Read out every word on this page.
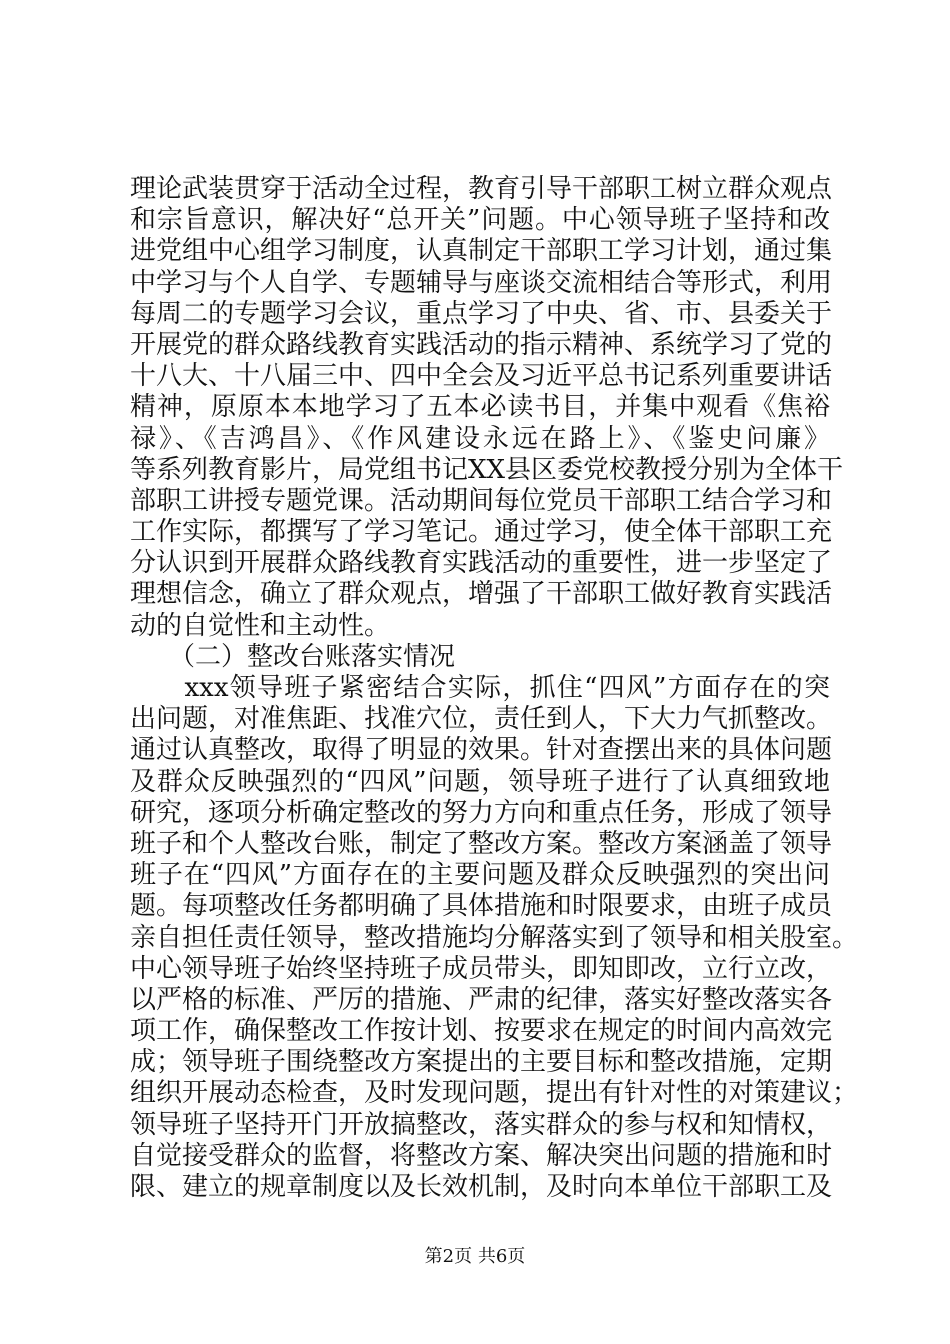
理论武装贯穿于活动全过程，教育引导干部职工树立群众观点
和宗旨意识，解决好“总开关”问题。中心领导班子坚持和改
进党组中心组学习制度，认真制定干部职工学习计划，通过集
中学习与个人自学、专题辅导与座谈交流相结合等形式，利用
每周二的专题学习会议，重点学习了中央、省、市、县委关于
开展党的群众路线教育实践活动的指示精神、系统学习了党的
十八大、十八届三中、四中全会及习近平总书记系列重要讲话
精神，原原本本地学习了五本必读书目，并集中观看《焦裕
禄》、《吉鸿昌》、《作风建设永远在路上》、《鉴史问廉》
等系列教育影片，局党组书记XX县区委党校教授分别为全体干
部职工讲授专题党课。活动期间每位党员干部职工结合学习和
工作实际，都撰写了学习笔记。通过学习，使全体干部职工充
分认识到开展群众路线教育实践活动的重要性，进一步坚定了
理想信念，确立了群众观点，增强了干部职工做好教育实践活
动的自觉性和主动性。
　　（二）整改台账落实情况
　　xxx领导班子紧密结合实际，抓住“四风”方面存在的突
出问题，对准焦距、找准穴位，责任到人，下大力气抓整改。
通过认真整改，取得了明显的效果。针对查摆出来的具体问题
及群众反映强烈的“四风”问题，领导班子进行了认真细致地
研究，逐项分析确定整改的努力方向和重点任务，形成了领导
班子和个人整改台账，制定了整改方案。整改方案涵盖了领导
班子在“四风”方面存在的主要问题及群众反映强烈的突出问
题。每项整改任务都明确了具体措施和时限要求，由班子成员
亲自担任责任领导，整改措施均分解落实到了领导和相关股室。
中心领导班子始终坚持班子成员带头，即知即改，立行立改，
以严格的标准、严厉的措施、严肃的纪律，落实好整改落实各
项工作，确保整改工作按计划、按要求在规定的时间内高效完
成；领导班子围绕整改方案提出的主要目标和整改措施，定期
组织开展动态检查，及时发现问题，提出有针对性的对策建议；
领导班子坚持开门开放搞整改，落实群众的参与权和知情权，
自觉接受群众的监督，将整改方案、解决突出问题的措施和时
限、建立的规章制度以及长效机制，及时向本单位干部职工及
第2页 共6页
